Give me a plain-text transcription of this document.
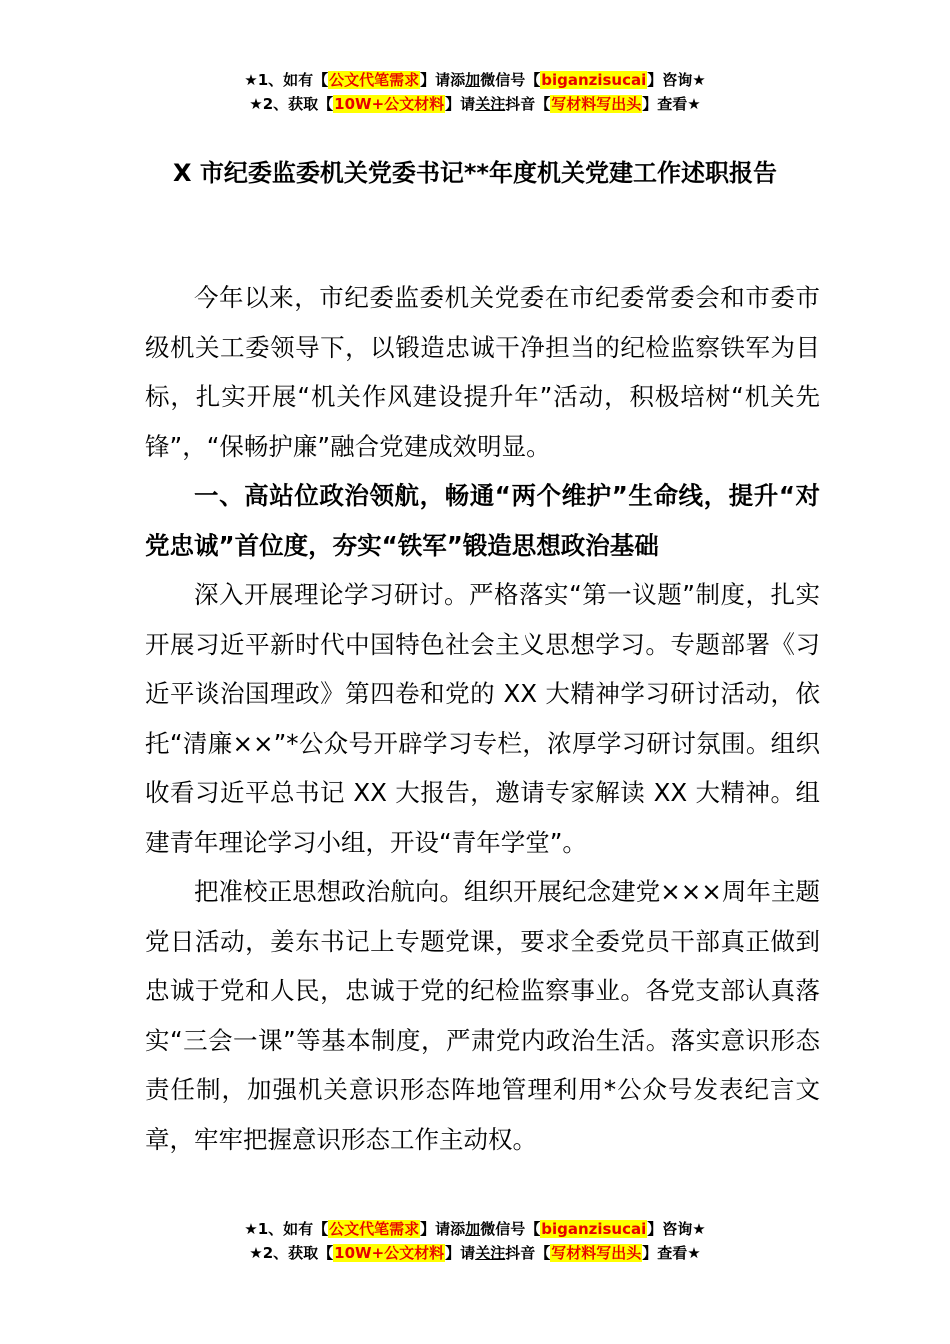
★1、如有【公文代笔需求】请添加微信号【biganzisucai】咨询★
★2、获取【10W+公文材料】请关注抖音【写材料写出头】查看★
X 市纪委监委机关党委书记**年度机关党建工作述职报告

今年以来，市纪委监委机关党委在市纪委常委会和市委市级机关工委领导下，以锻造忠诚干净担当的纪检监察铁军为目标，扎实开展“机关作风建设提升年”活动，积极培树“机关先锋”，“保畅护廉”融合党建成效明显。

一、高站位政治领航，畅通“两个维护”生命线，提升“对党忠诚”首位度，夯实“铁军”锻造思想政治基础

深入开展理论学习研讨。严格落实“第一议题”制度，扎实开展习近平新时代中国特色社会主义思想学习。专题部署《习近平谈治国理政》第四卷和党的 XX 大精神学习研讨活动，依托“清廉××”*公众号开辟学习专栏，浓厚学习研讨氛围。组织收看习近平总书记 XX 大报告，邀请专家解读 XX 大精神。组建青年理论学习小组，开设“青年学堂”。

把准校正思想政治航向。组织开展纪念建党×××周年主题党日活动，姜东书记上专题党课，要求全委党员干部真正做到忠诚于党和人民，忠诚于党的纪检监察事业。各党支部认真落实“三会一课”等基本制度，严肃党内政治生活。落实意识形态责任制，加强机关意识形态阵地管理利用*公众号发表纪言文章，牢牢把握意识形态工作主动权。

★1、如有【公文代笔需求】请添加微信号【biganzisucai】咨询★
★2、获取【10W+公文材料】请关注抖音【写材料写出头】查看★
